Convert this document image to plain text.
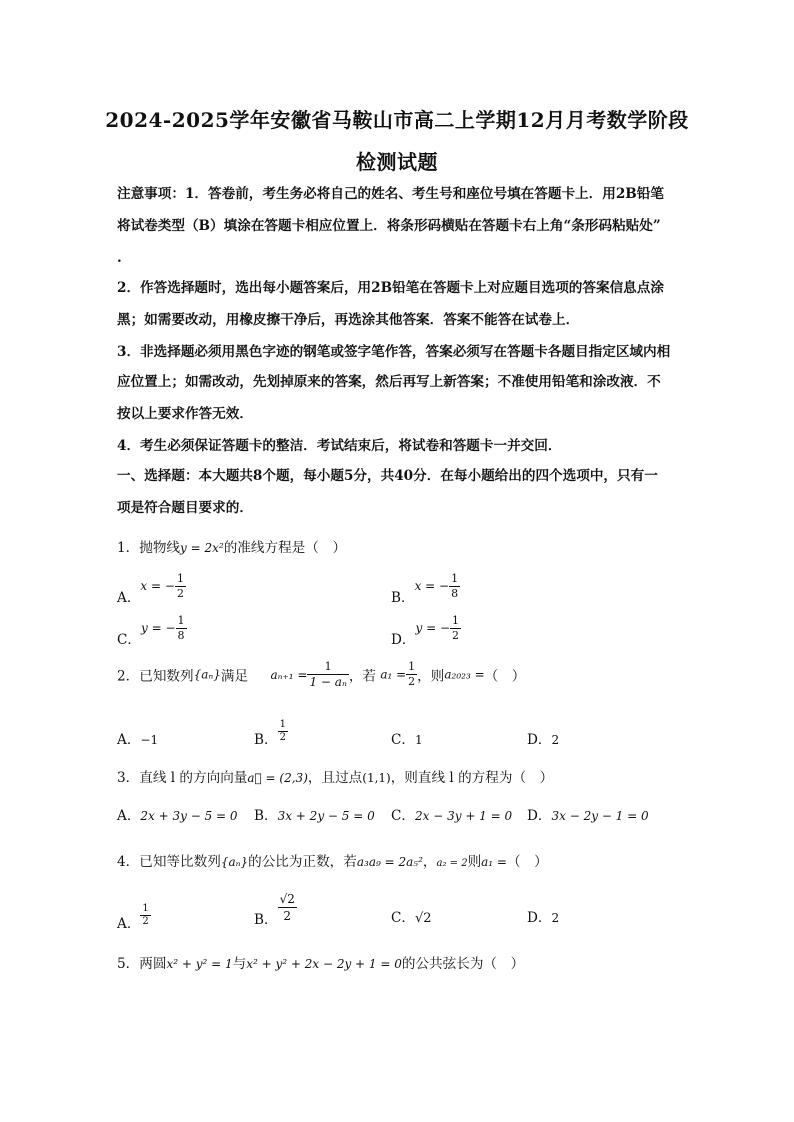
2024-2025学年安徽省马鞍山市高二上学期12月月考数学阶段
检测试题
注意事项：1．答卷前，考生务必将自己的姓名、考生号和座位号填在答题卡上．用2B铅笔
将试卷类型（B）填涂在答题卡相应位置上．将条形码横贴在答题卡右上角“条形码粘贴处”
.
2．作答选择题时，选出每小题答案后，用2B铅笔在答题卡上对应题目选项的答案信息点涂
黑；如需要改动，用橡皮擦干净后，再选涂其他答案．答案不能答在试卷上．
3．非选择题必须用黑色字迹的钢笔或签字笔作答，答案必须写在答题卡各题目指定区域内相
应位置上；如需改动，先划掉原来的答案，然后再写上新答案；不准使用铅笔和涂改液．不
按以上要求作答无效．
4．考生必须保证答题卡的整洁．考试结束后，将试卷和答题卡一并交回．
一、选择题：本大题共8个题，每小题5分，共40分．在每小题给出的四个选项中，只有一
项是符合题目要求的．
1．抛物线y = 2x²的准线方程是（　）
A．x = − $\frac{1}{2}$	B．x = − $\frac{1}{8}$
C．y = − $\frac{1}{8}$	D．y = − $\frac{1}{2}$
2．已知数列{aₙ}满足 $a_{n+1} = \frac{1}{\text{1 − aₙ}}$ ，若 $a_1 = \frac{1}{2}$ ，则a₂₀₂₃ =（　）
A．−1	B． $\frac{1}{2}$	C．1	D．2
3．直线 l 的方向向量a⃗ = (2,3)，且过点(1,1)，则直线 l 的方程为（　）
A．2x + 3y − 5 = 0 B．3x + 2y − 5 = 0 C．2x − 3y + 1 = 0 D．3x − 2y − 1 = 0
4．已知等比数列{aₙ}的公比为正数，若a₃a₉ = 2a₅²，a₂ = 2则a₁ =（　）
A． $\frac{1}{2}$	B． $\frac{√2}{2}$	C．√2	D．2
5．两圆x² + y² = 1与x² + y² + 2x − 2y + 1 = 0的公共弦长为（　）
